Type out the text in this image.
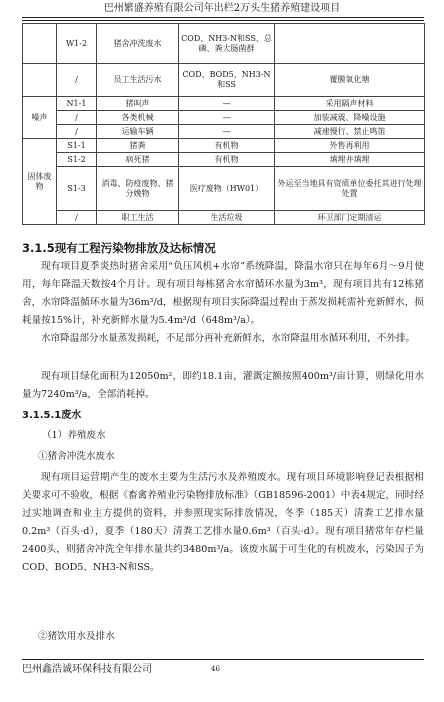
巴州繁盛养殖有限公司年出栏2万头生猪养殖建设项目
	W1-2	猪舍冲洗废水	COD、NH3-N和SS、总磷、粪大肠菌群	
	/	员工生活污水	COD、BOD5、NH3-N和SS	覆膜氧化塘
噪声	N1-1	猪叫声	—	采用隔声材料
	/	各类机械	—	加装减震、降噪设施
	/	运输车辆	—	减速慢行、禁止鸣笛
固体废物	S1-1	猪粪	有机物	外售再利用
	S1-2	病死猪	有机物	填埋井填埋
	S1-3	消毒、防疫废物、猪分娩物	医疗废物（HW01）	外运至当地具有资质单位委托其进行处理处置
	/	职工生活	生活垃圾	环卫部门定期清运
3.1.5现有工程污染物排放及达标情况
现有项目夏季炎热时猪舍采用“负压风机+水帘”系统降温，降温水帘只在每年6月～9月使用，每年降温天数按4个月计。现有项目每栋猪舍水帘循环水量为3m³，现有项目共有12栋猪舍，水帘降温循环水量为36m³/d，根据现有项目实际降温过程由于蒸发损耗需补充新鲜水，损耗量按15%计，补充新鲜水量为5.4m³/d（648m³/a）。
水帘降温部分水量蒸发损耗，不足部分再补充新鲜水，水帘降温用水循环利用，不外排。
现有项目绿化面积为12050m²，即约18.1亩，灌溉定额按照400m³/亩计算，则绿化用水量为7240m³/a，全部消耗掉。
3.1.5.1废水
（1）养殖废水
①猪舍冲洗水废水
现有项目运营期产生的废水主要为生活污水及养殖废水。现有项目环境影响登记表根据相关要求可不验收，根据《畜禽养殖业污染物排放标准》（GB18596-2001）中表4规定，同时经过实地调查和业主方提供的资料，并参照现实际排放情况，冬季（185天）清粪工艺排水量0.2m³（百头·d），夏季（180天）清粪工艺排水量0.6m³（百头·d）。现有项目猪常年存栏量2400头，则猪舍冲洗全年排水量共约3480m³/a。该废水属于可生化的有机废水，污染因子为COD、BOD5、NH3-N和SS。
②猪饮用水及排水
巴州鑫浩诚环保科技有限公司	46
